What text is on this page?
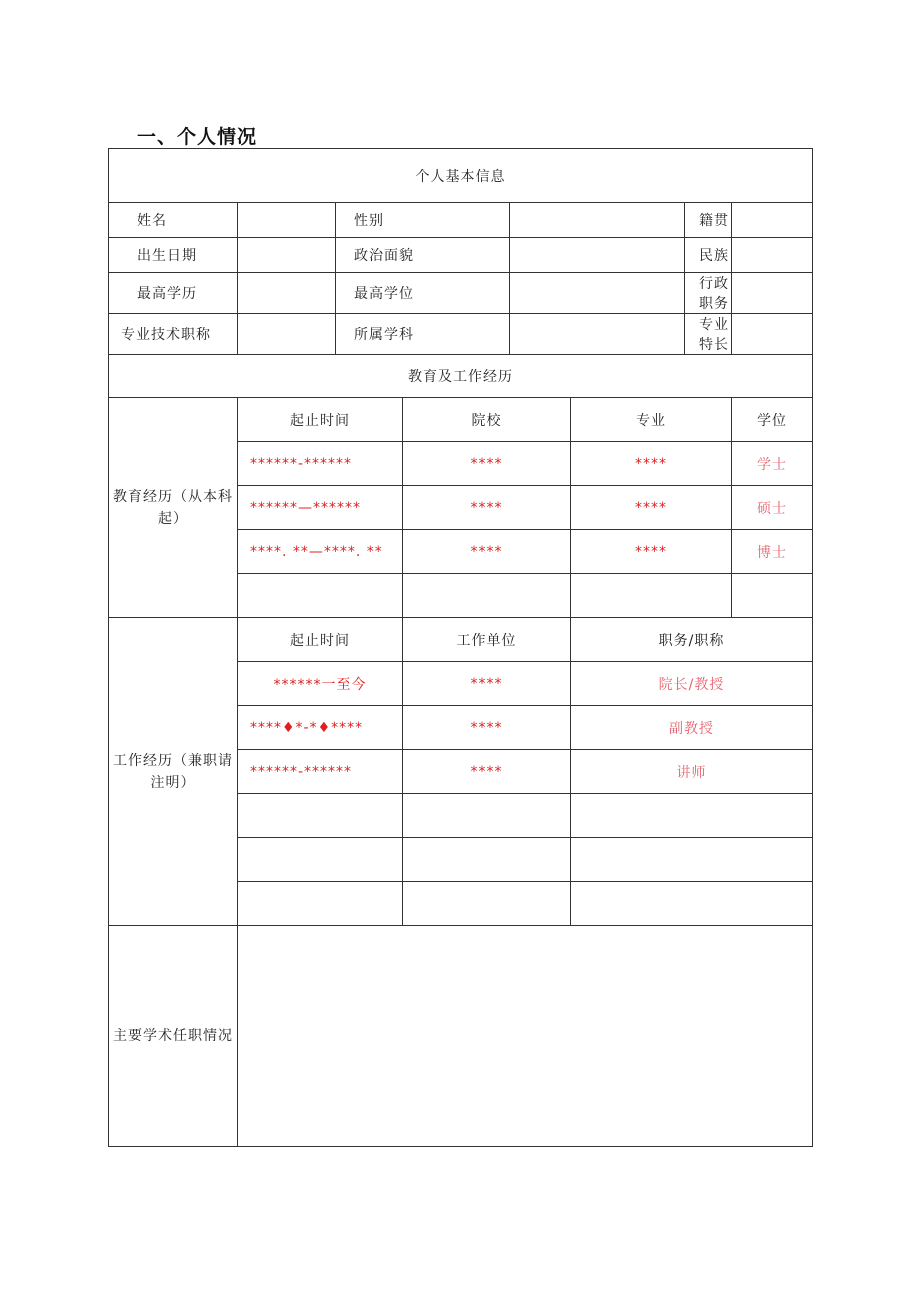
一、个人情况
个人基本信息							
姓名		性别				籍贯	
出生日期		政治面貌				民族	
最高学历		最高学位				行政职务	
专业技术职称		所属学科				专业特长	
教育及工作经历							
教育经历（从本科起）	起止时间		院校		专业		学位
	******-******		****		****		学士
	******—******		****		****		硕士
	****. **—****. **		****		****		博士

工作经历（兼职请注明）	起止时间		工作单位		职务/职称		
	******一至今		****		院长/教授		
	****♦*-*♦****		****		副教授		
	******-******		****		讲师		

主要学术任职情况							
